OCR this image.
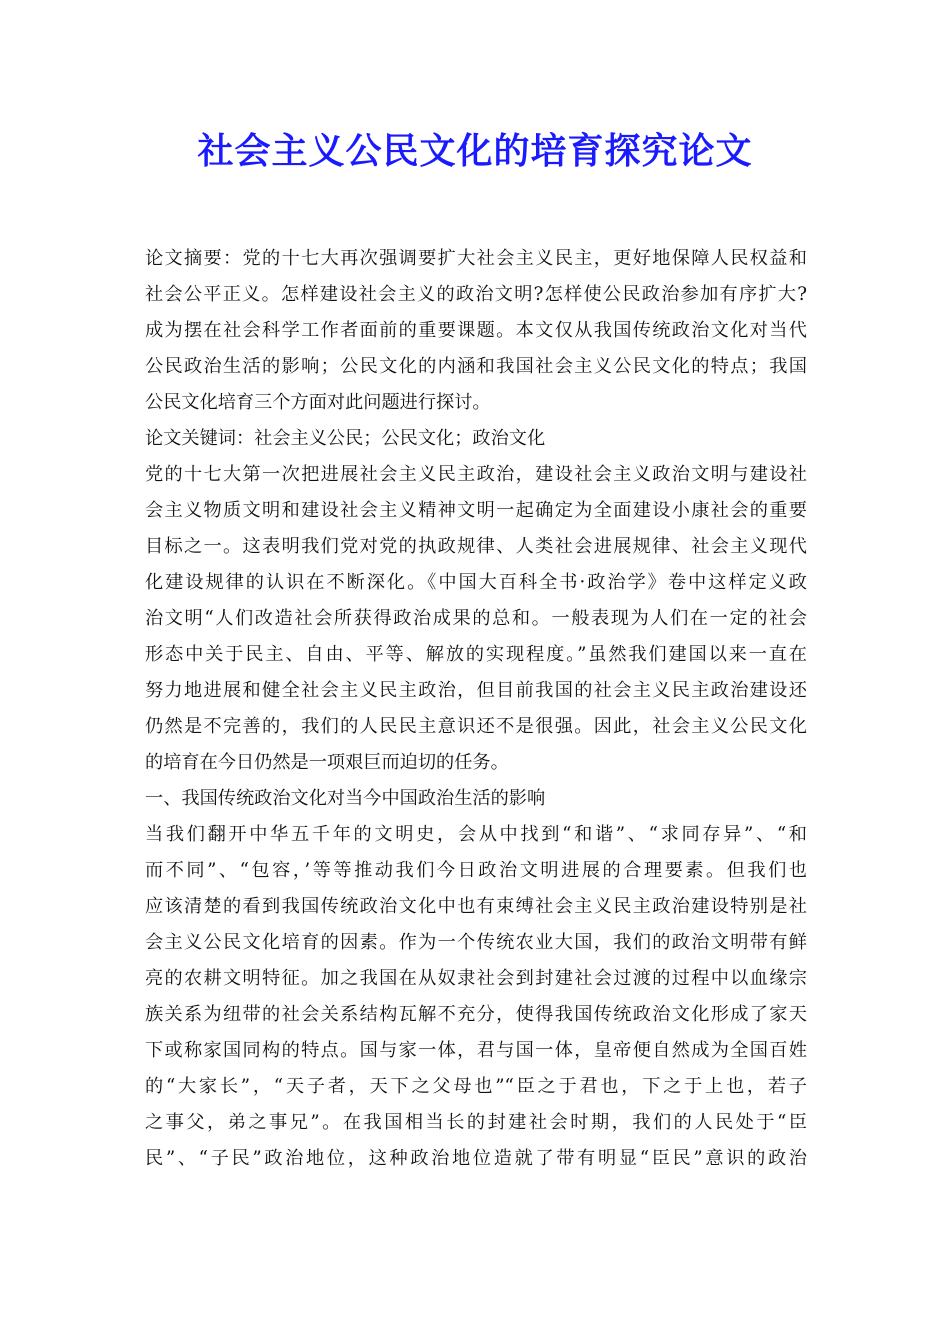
社会主义公民文化的培育探究论文
论文摘要：党的十七大再次强调要扩大社会主义民主，更好地保障人民权益和
社会公平正义。怎样建设社会主义的政治文明?怎样使公民政治参加有序扩大?
成为摆在社会科学工作者面前的重要课题。本文仅从我国传统政治文化对当代
公民政治生活的影响；公民文化的内涵和我国社会主义公民文化的特点；我国
公民文化培育三个方面对此问题进行探讨。
论文关键词：社会主义公民；公民文化；政治文化
党的十七大第一次把进展社会主义民主政治，建设社会主义政治文明与建设社
会主义物质文明和建设社会主义精神文明一起确定为全面建设小康社会的重要
目标之一。这表明我们党对党的执政规律、人类社会进展规律、社会主义现代
化建设规律的认识在不断深化。《中国大百科全书·政治学》卷中这样定义政
治文明“人们改造社会所获得政治成果的总和。一般表现为人们在一定的社会
形态中关于民主、自由、平等、解放的实现程度。”虽然我们建国以来一直在
努力地进展和健全社会主义民主政治，但目前我国的社会主义民主政治建设还
仍然是不完善的，我们的人民民主意识还不是很强。因此，社会主义公民文化
的培育在今日仍然是一项艰巨而迫切的任务。
一、我国传统政治文化对当今中国政治生活的影响
当我们翻开中华五千年的文明史，会从中找到“和谐”、“求同存异”、“和
而不同”、“包容，’等等推动我们今日政治文明进展的合理要素。但我们也
应该清楚的看到我国传统政治文化中也有束缚社会主义民主政治建设特别是社
会主义公民文化培育的因素。作为一个传统农业大国，我们的政治文明带有鲜
亮的农耕文明特征。加之我国在从奴隶社会到封建社会过渡的过程中以血缘宗
族关系为纽带的社会关系结构瓦解不充分，使得我国传统政治文化形成了家天
下或称家国同构的特点。国与家一体，君与国一体，皇帝便自然成为全国百姓
的“大家长”，“天子者，天下之父母也”“臣之于君也，下之于上也，若子
之事父，弟之事兄”。在我国相当长的封建社会时期，我们的人民处于“臣
民”、“子民”政治地位，这种政治地位造就了带有明显“臣民”意识的政治
